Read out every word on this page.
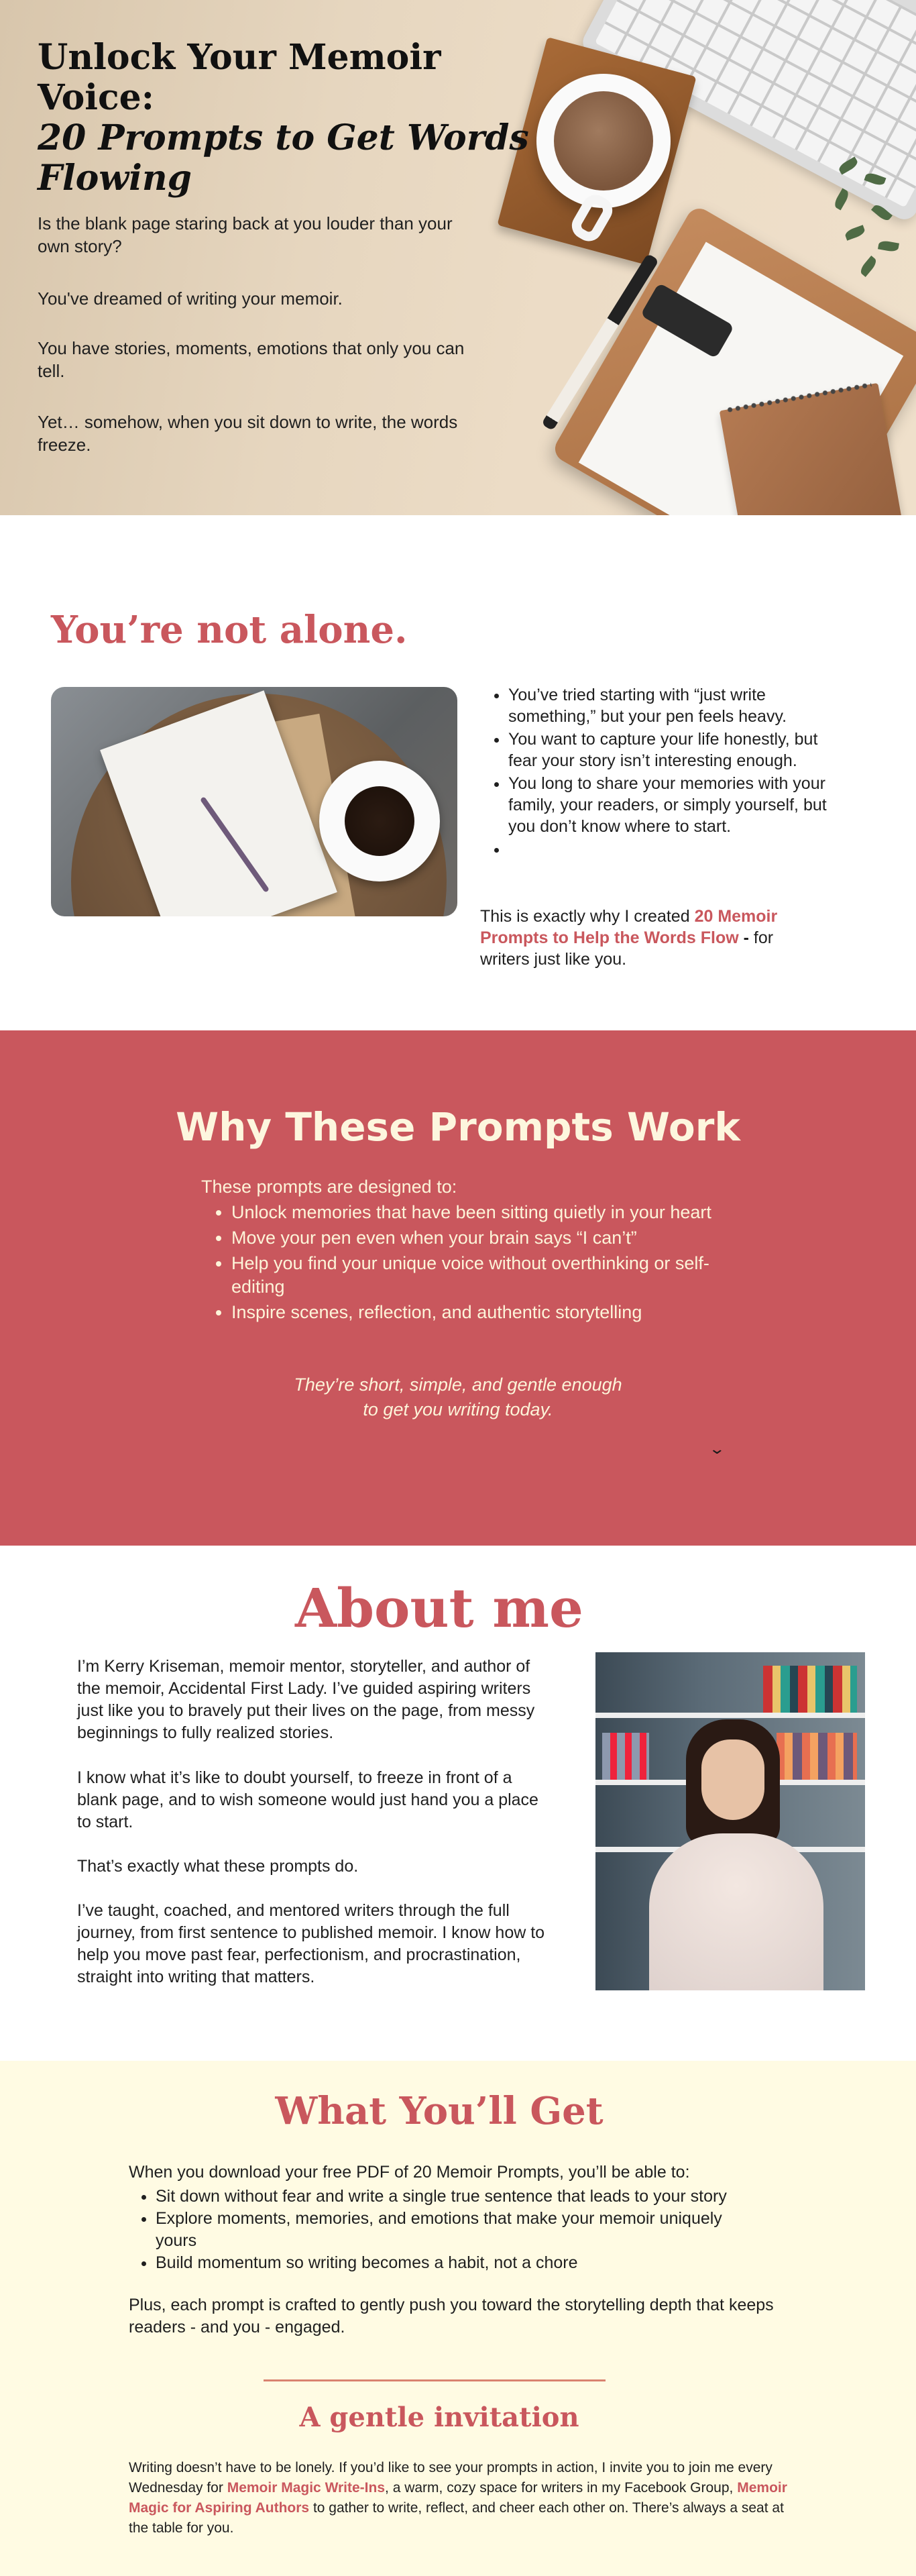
Unlock Your Memoir Voice:
20 Prompts to Get Words
Flowing

Is the blank page staring back at you louder than your own story?

You've dreamed of writing your memoir.

You have stories, moments, emotions that only you can tell.

Yet… somehow, when you sit down to write, the words freeze.

You’re not alone.
• You’ve tried starting with “just write something,” but your pen feels heavy.
• You want to capture your life honestly, but fear your story isn’t interesting enough.
• You long to share your memories with your family, your readers, or simply yourself, but you don’t know where to start.
•

This is exactly why I created 20 Memoir Prompts to Help the Words Flow - for writers just like you.

Why These Prompts Work

These prompts are designed to:

• Unlock memories that have been sitting quietly in your heart
• Move your pen even when your brain says “I can’t”
• Help you find your unique voice without overthinking or self-editing
• Inspire scenes, reflection, and authentic storytelling

They’re short, simple, and gentle enough
to get you writing today.

⌄
About me

I’m Kerry Kriseman, memoir mentor, storyteller, and author of the memoir, Accidental First Lady. I’ve guided aspiring writers just like you to bravely put their lives on the page, from messy beginnings to fully realized stories.

I know what it’s like to doubt yourself, to freeze in front of a blank page, and to wish someone would just hand you a place to start.

That’s exactly what these prompts do.

I’ve taught, coached, and mentored writers through the full journey, from first sentence to published memoir. I know how to help you move past fear, perfectionism, and procrastination, straight into writing that matters.

What You’ll Get

When you download your free PDF of 20 Memoir Prompts, you’ll be able to:

• Sit down without fear and write a single true sentence that leads to your story
• Explore moments, memories, and emotions that make your memoir uniquely yours
• Build momentum so writing becomes a habit, not a chore

Plus, each prompt is crafted to gently push you toward the storytelling depth that keeps readers - and you - engaged.

A gentle invitation

Writing doesn’t have to be lonely. If you’d like to see your prompts in action, I invite you to join me every Wednesday for Memoir Magic Write-Ins, a warm, cozy space for writers in my Facebook Group, Memoir Magic for Aspiring Authors to gather to write, reflect, and cheer each other on. There’s always a seat at the table for you.
